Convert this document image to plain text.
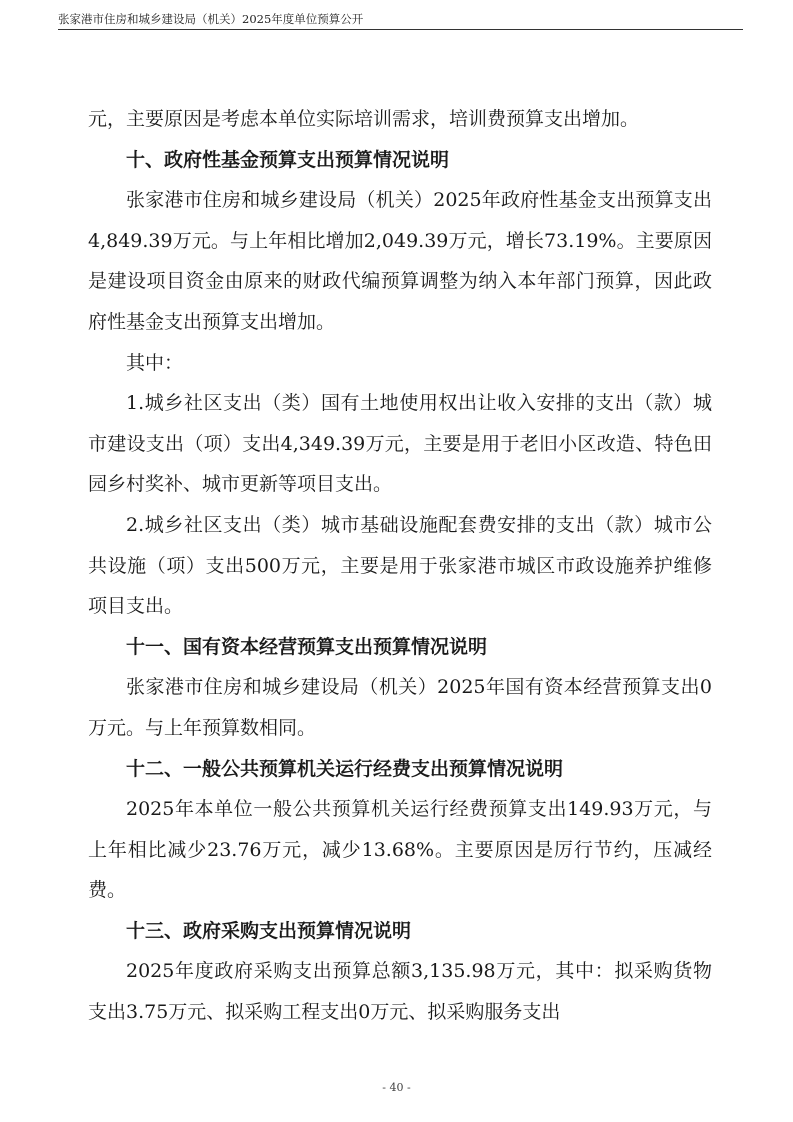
张家港市住房和城乡建设局（机关）2025年度单位预算公开

元，主要原因是考虑本单位实际培训需求，培训费预算支出增加。

十、政府性基金预算支出预算情况说明

张家港市住房和城乡建设局（机关）2025年政府性基金支出预算支出4,849.39万元。与上年相比增加2,049.39万元，增长73.19%。主要原因是建设项目资金由原来的财政代编预算调整为纳入本年部门预算，因此政府性基金支出预算支出增加。

其中：

1.城乡社区支出（类）国有土地使用权出让收入安排的支出（款）城市建设支出（项）支出4,349.39万元，主要是用于老旧小区改造、特色田园乡村奖补、城市更新等项目支出。

2.城乡社区支出（类）城市基础设施配套费安排的支出（款）城市公共设施（项）支出500万元，主要是用于张家港市城区市政设施养护维修项目支出。

十一、国有资本经营预算支出预算情况说明

张家港市住房和城乡建设局（机关）2025年国有资本经营预算支出0万元。与上年预算数相同。

十二、一般公共预算机关运行经费支出预算情况说明

2025年本单位一般公共预算机关运行经费预算支出149.93万元，与上年相比减少23.76万元，减少13.68%。主要原因是厉行节约，压减经费。

十三、政府采购支出预算情况说明

2025年度政府采购支出预算总额3,135.98万元，其中：拟采购货物支出3.75万元、拟采购工程支出0万元、拟采购服务支出

- 40 -
